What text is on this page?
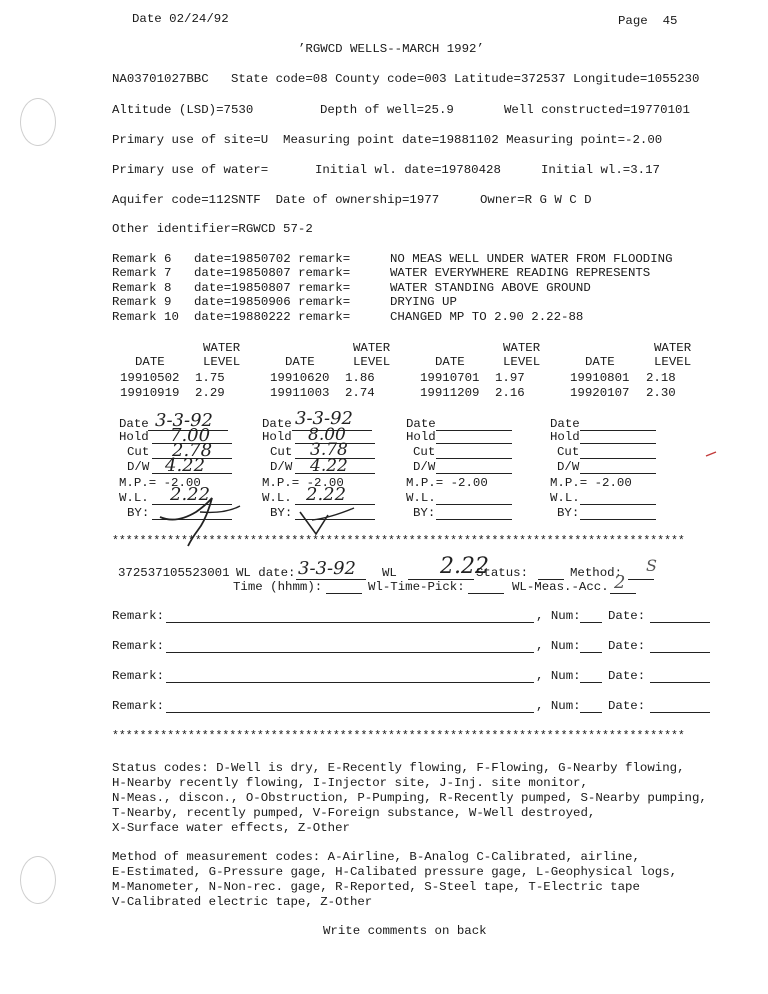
Date 02/24/92	Page  45
’RGWCD WELLS--MARCH 1992’
NA03701027BBC   State code=08 County code=003 Latitude=372537 Longitude=1055230
Altitude (LSD)=7530	Depth of well=25.9	Well constructed=19770101
Primary use of site=U  Measuring point date=19881102 Measuring point=-2.00
Primary use of water=	Initial wl. date=19780428	Initial wl.=3.17
Aquifer code=112SNTF  Date of ownership=1977	Owner=R G W C D
Other identifier=RGWCD 57-2
Remark 6 date=19850702 remark=	NO MEAS WELL UNDER WATER FROM FLOODING
Remark 7 date=19850807 remark=	WATER EVERYWHERE READING REPRESENTS
Remark 8 date=19850807 remark=	WATER STANDING ABOVE GROUND
Remark 9 date=19850906 remark=	DRYING UP
Remark 10 date=19880222 remark=	CHANGED MP TO 2.90 2.22-88
WATER	WATER	WATER	WATER
DATE	LEVEL	DATE	LEVEL	DATE	LEVEL	DATE	LEVEL
19910502 1.75	19910620 1.86	19910701 1.97	19910801 2.18
19910919 2.29	19911003 2.74	19911209 2.16	19920107 2.30
Date 3-3-92
Hold 7.00
Cut 2.78
D/W 4.22
M.P.= -2.00
W.L. 2.22
BY:
Date 3-3-92
Hold 8.00
Cut 3.78
D/W 4.22
M.P.= -2.00
W.L. 2.22
BY:
Date
Hold
Cut
D/W
M.P.= -2.00
W.L.
BY:
Date
Hold
Cut
D/W
M.P.= -2.00
W.L.
BY:
***********************************************************************************
372537105523001 WL date: 3-3-92 WL 2.22
Status:	Method: S
Time (hhmm):	Wl-Time-Pick:	WL-Meas.-Acc. 2
Remark:	, Num: Date:
Remark:	, Num: Date:
Remark:	, Num: Date:
Remark:	, Num: Date:
***********************************************************************************
Status codes: D-Well is dry, E-Recently flowing, F-Flowing, G-Nearby flowing,
H-Nearby recently flowing, I-Injector site, J-Inj. site monitor,
N-Meas., discon., O-Obstruction, P-Pumping, R-Recently pumped, S-Nearby pumping,
T-Nearby, recently pumped, V-Foreign substance, W-Well destroyed,
X-Surface water effects, Z-Other
Method of measurement codes: A-Airline, B-Analog C-Calibrated, airline,
E-Estimated, G-Pressure gage, H-Calibated pressure gage, L-Geophysical logs,
M-Manometer, N-Non-rec. gage, R-Reported, S-Steel tape, T-Electric tape
V-Calibrated electric tape, Z-Other
Write comments on back
